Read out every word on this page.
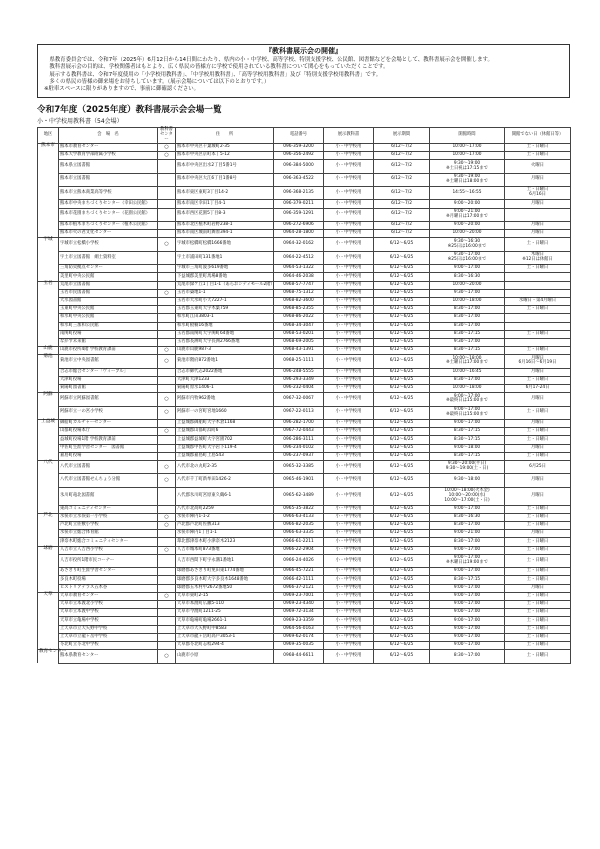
『教科書展示会の開催』

　県教育委員会では、令和7年（2025年）6月12日から14日間にわたり、県内の小・中学校、高等学校、特別支援学校、公民館、図書館などを会場として、教科書展示会を開催します。

　教科書展示会の目的は、学校関係者はもとより、広く県民の皆様方に学校で使用されている教科書について関心をもっていただくことです。

　展示する教科書は、令和7年度使用の「小学校用教科書」、「中学校用教科書」、「高等学校用教科書」及び「特別支援学校用教科書」です。

　多くの県民の皆様の御来場をお待ちしています。（展示会場については以下のとおりです。）

※駐車スペースに限りがありますので、事前に御確認ください。

令和7年度（2025年度）教科書展示会会場一覧
小・中学校用教科書（54会場）
地区	会　場　名	教科書センター	住　　所	電話番号	展示教科書	展示期間	開館時間	開館でない日（休館日等）
熊本市	熊本市教育センター	○	熊本市中央区千葉城町2-35	096-359-3200	小・中学校用	6/12～7/2	10:00～17:00	土・日曜日

	熊本大学教育学部附属小学校	○	熊本市中央区京町本丁5-12	096-356-2492	小・中学校用	6/12～7/2	10:00～17:00	土・日曜日

	熊本県立図書館		熊本市中央区出水2丁目5番1号	096-384-5000	小・中学校用	6/12～7/2	9:30～19:00
※土日祝は17:15まで	火曜日

	熊本市立図書館		熊本市中央区大江6丁目1番8号	096-363-4522	小・中学校用	6/12～7/2	9:30～19:00
※土曜日は18:00まで	月曜日

	熊本市立熊本商業高等学校		熊本市東区東町3丁目14-2	096-368-2135	小・中学校用	6/12～7/2	14:55～16:55	土・日曜日
6月16日

	熊本市中央まちづくりセンター（幸田公民館）		熊本市南区幸田1丁目4-1	096-379-0211	小・中学校用	6/12～7/2	9:00～20:00	月曜日

	熊本市花園まちづくりセンター（花園公民館）		熊本市西区花園5丁目8-3	096-359-1291	小・中学校用	6/12～7/2	9:00～21:00
※月曜日は17:00まで	

	熊本市植木まちづくりセンター（植木公民館）		熊本市北区植木町岩野238-1	096-272-6906	小・中学校用	6/12～7/2	9:00～20:00	月曜日

	熊本市火の君文化センター		熊本市南区城南町舞原394-1	0964-28-1800	小・中学校用	6/12～7/2	10:00～20:00	月曜日

宇城	宇城市立松橋小学校	○	宇城市松橋町松橋1666番地	0964-32-0162	小・中学校用	6/12～6/25	9:30～16:30
※25日は16:00まで	土・日曜日

	宇土市立図書館　網土資料室		宇土市浦田町131番地1	0964-22-4512	小・中学校用	6/12～6/25	9:30～17:00
※25日は16:00まで	木曜日
※12日は休館日

	三角防災拠点センター		宇城市三角町波多619番地	0964-53-1322	小・中学校用	6/12～6/25	9:00～17:00	土・日曜日

	美里町中央公民館		下益城郡美里町馬場8番地	0964-46-2038	小・中学校用	6/12～6/25	8:30～16:30	

玉名	荒尾市立図書館		荒尾市緑ケ丘1丁目1-1（あらおシティモール2階）	0968-57-7747	小・中学校用	6/12～6/25	10:00～20:00	

	玉名市民図書館	○	玉名市築地1-1	0968-75-1312	小・中学校用	6/12～6/25	9:30～17:00	

	大水図書館		玉名市大水町小天7227-1	0968-82-3600	小・中学校用	6/12～6/25	10:00～18:00	水曜日・第4月曜日

	玉東町中央公民館		玉名郡玉東町大字木葉759	0968-85-2355	小・中学校用	6/12～6/25	8:30～17:00	土・日曜日

	和水町中央公民館		和水町江田3803-1	0968-86-2022	小・中学校用	6/12～6/25	8:30～17:00	

	和水町三加和公民館		和水町板楠16番地	0968-34-3047	小・中学校用	6/12～6/25	8:30～17:00	

	南関町役場		玉名郡南関町大字関町64番地	0968-53-0201	小・中学校用	6/12～6/25	8:30～17:15	土・日曜日

	ながす未来館		玉名郡長洲町大字長洲2766番地	0968-69-2005	小・中学校用	6/12～6/25	9:30～17:00	

山鹿	山鹿市役所4階 学校教育課前	○	山鹿市山鹿987-3	0968-43-1391	小・中学校用	6/12～6/25	8:30～17:15	土・日曜日

菊池	菊池市立中央図書館	○	菊池市隈府872番地1	0968-25-1111	小・中学校用	6/12～6/25	10:00～18:00
※土曜日は17:00まで	月曜日
6月16日～6月19日

	合志市総合センター「ヴィーブル」		合志市御代志2022番地	096-248-5555	小・中学校用	6/12～6/25	10:00～16:45	月曜日

	大津町役場		大津町大津1233	096-293-3349	小・中学校用	6/12～6/25	8:30～17:00	土・日曜日

	菊陽町図書館		菊陽町原水1406-1	096-232-0404	小・中学校用	6/12～6/25	10:00～18:00	6月17-24日

阿蘇	阿蘇市立阿蘇図書館	○	阿蘇市内牧962番地	0967-32-0067	小・中学校用	6/12～6/25	9:00～17:00
※最終日は15:00まで	月曜日

	阿蘇市立一の宮小学校	○	阿蘇市一の宮町宮地1660	0967-22-0113	小・中学校用	6/12～6/25	9:00～17:00
※最終日は15:00まで	土・日曜日

上益城	御船町カルチャーセンター		上益城郡御船町大字木倉1168	096-282-1700	小・中学校用	6/12～6/25	9:00～17:00	月曜日

	山都町役場本庁	○	上益城郡山都町浜町6	0967-72-0443	小・中学校用	6/12～6/25	8:30～17:15	土・日曜日

	益城町役場1階 学校教育課前		上益城郡益城町大字宮園702	096-286-3111	小・中学校用	6/12～6/25	8:30～17:15	土・日曜日

	甲佐町生涯学習センター　図書館		上益城郡甲佐町大字岩下119-4	096-234-0102	小・中学校用	6/12～6/25	9:00～18:00	月曜日

	嘉島町役場		上益城郡嘉島町上島543	096-237-0937	小・中学校用	6/12～6/25	8:30～17:15	土・日曜日

八代	八代市立図書館	○	八代市北の丸町2-35	0965-32-3385	小・中学校用	6/12～6/25	9:30～20:00(平日)
9:30～19:00(土・日)	6月25日

	八代市立図書館せんちょう分館	○	八代市千丁町新牟田1426-2	0965-46-1901	小・中学校用	6/12～6/25	9:30～18:00	月曜日

	氷川町竜北図書館		八代郡氷川町宮原東久鶴6-1	0965-62-3489	小・中学校用	6/12～6/25	10:00～18:00(火木金)
10:00～20:00(水)
10:00～17:00(土・日)	月曜日

	東高コミュニティセンター		八代市北高町2259	0965-35-3822	小・中学校用	6/12～6/25	9:00～17:00	土・日曜日

芦北	水俣市立水俣第一小学校	○	水俣市陣内1-1-2	0966-63-4133	小・中学校用	6/12～6/25	8:30～16:30	土・日曜日

	芦北町立佐敷小学校	○	芦北郡芦北町佐敷313	0966-82-2035	小・中学校用	6/12～6/25	8:30～17:00	土・日曜日

	水俣市立総合体育館		水俣市陣内1丁目1-1	0966-63-3335	小・中学校用	6/12～6/25	9:00～21:00	月曜日

	津奈木町総合コミュニティセンター		葦北郡津奈木町小津奈木2123	0966-61-2211	小・中学校用	6/12～6/25	8:30～17:00	土・日曜日

球磨	人吉市立人吉西小学校	○	人吉市城本町873番地	0966-22-2904	小・中学校用	6/12～6/25	9:00～17:00	土・日曜日

	人吉市役所1階市民コーナー		人吉市西間下町字永溝1番地1	0966-24-4026	小・中学校用	6/12～6/25	9:00～17:00
※木曜日は19:00まで	土・日曜日

	あさぎり町生涯学習センター		球磨郡あさぎり町免田東1774番地	0966-45-7221	小・中学校用	6/12～6/25	9:00～17:00	土・日曜日

	多良木町役場		球磨郡多良木町大字多良木1648番地	0966-42-1111	小・中学校用	6/12～6/25	8:30～17:15	土・日曜日

	ヒストリアテラス五木谷		球磨郡五木村甲2672番地50	0966-37-2121	小・中学校用	6/12～6/25	9:00～17:00	月曜日

天草	天草市教育センター	○	天草市東町2-15	0969-23-7001	小・中学校用	6/12～6/25	9:00～17:00	土・日曜日

	天草市立本渡北小学校		天草市本渡町広瀬5-110	0969-23-4340	小・中学校用	6/12～6/25	9:00～17:00	土・日曜日

	天草市立本渡中学校		天草市今渡町1211-25	0969-72-3134	小・中学校用	6/12～6/25	9:00～17:00	土・日曜日

	天草市立亀場中学校		天草市亀場町亀場2661-1	0969-23-3359	小・中学校用	6/12～6/25	9:00～17:00	土・日曜日

	上天草市立大矢野中学校		上天草市大矢野町中8583	0964-56-0163	小・中学校用	6/12～6/25	9:00～17:00	土・日曜日

	上天草市立龍ヶ岳中学校		上天草市龍ヶ岳町高戸3053-1	0969-62-0174	小・中学校用	6/12～6/25	9:00～17:00	土・日曜日

	苓北町立苓北中学校		天草郡苓北町志岐294-4	0969-35-0035	小・中学校用	6/12～6/25	9:00～17:00	土・日曜日

教育センター	熊本県教育センター	○	山鹿市小原	0968-44-6611	小・中学校用	6/12～6/25	8:30～17:00	土・日曜日
